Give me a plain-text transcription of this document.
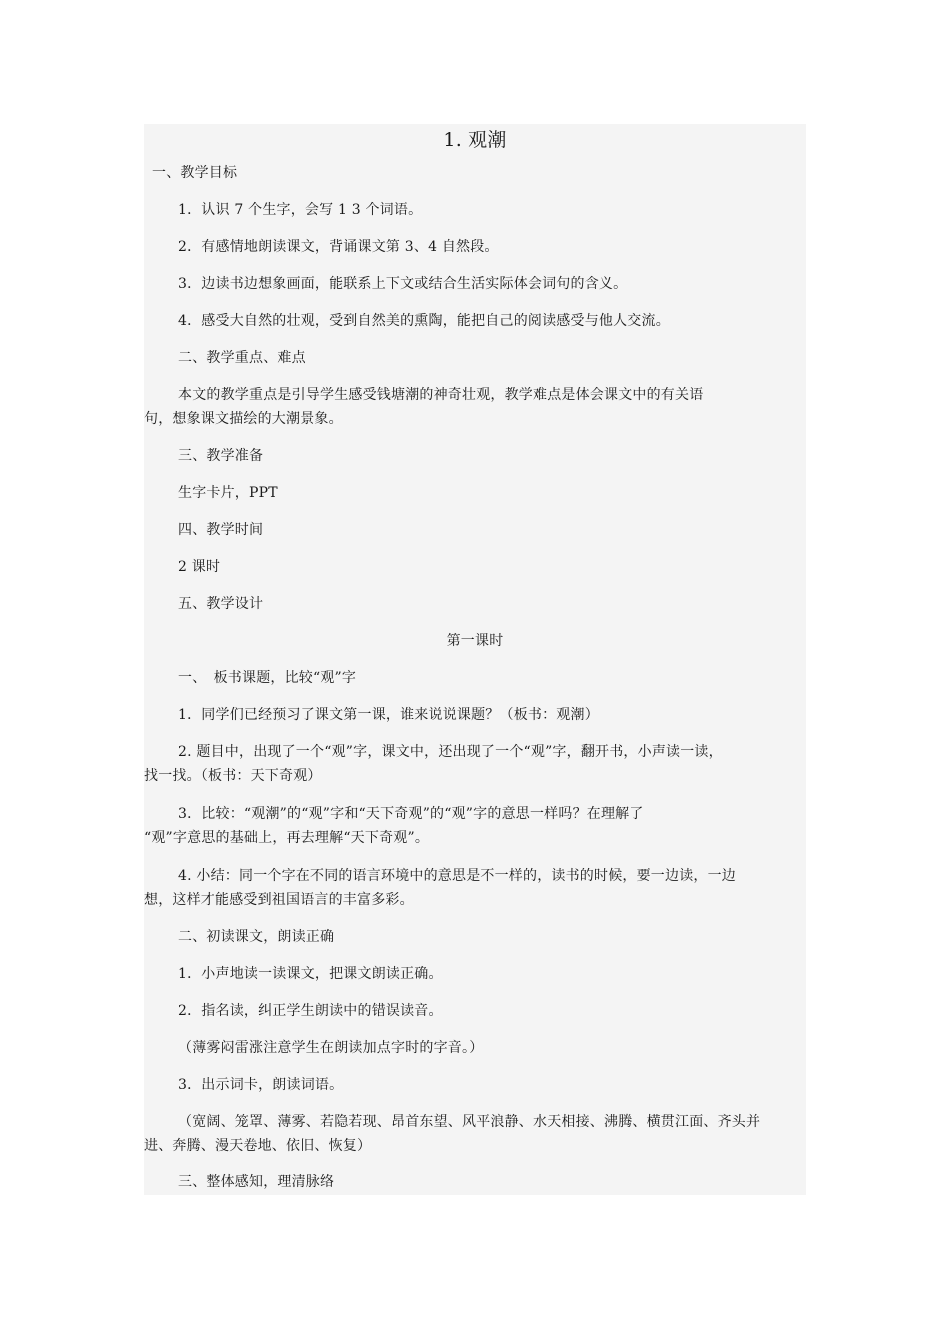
1. 观潮
一、教学目标
1．认识 7 个生字，会写 1 3 个词语。
2．有感情地朗读课文，背诵课文第 3、4 自然段。
3．边读书边想象画面，能联系上下文或结合生活实际体会词句的含义。
4．感受大自然的壮观，受到自然美的熏陶，能把自己的阅读感受与他人交流。
二、教学重点、难点
本文的教学重点是引导学生感受钱塘潮的神奇壮观，教学难点是体会课文中的有关语
句，想象课文描绘的大潮景象。
三、教学准备
生字卡片，PPT
四、教学时间
2 课时
五、教学设计
第一课时
一、　板书课题，比较“观”字
1．同学们已经预习了课文第一课，谁来说说课题？（板书：观潮）
2. 题目中，出现了一个“观”字，课文中，还出现了一个“观”字，翻开书，小声读一读，
找一找。（板书：天下奇观）
3．比较：“观潮”的“观”字和“天下奇观”的“观”字的意思一样吗？在理解了
“观”字意思的基础上，再去理解“天下奇观”。
4. 小结：同一个字在不同的语言环境中的意思是不一样的，读书的时候，要一边读，一边
想，这样才能感受到祖国语言的丰富多彩。
二、初读课文，朗读正确
1．小声地读一读课文，把课文朗读正确。
2．指名读，纠正学生朗读中的错误读音。
（薄雾闷雷涨注意学生在朗读加点字时的字音。）
3．出示词卡，朗读词语。
（宽阔、笼罩、薄雾、若隐若现、昂首东望、风平浪静、水天相接、沸腾、横贯江面、齐头并
进、奔腾、漫天卷地、依旧、恢复）
三、整体感知，理清脉络
